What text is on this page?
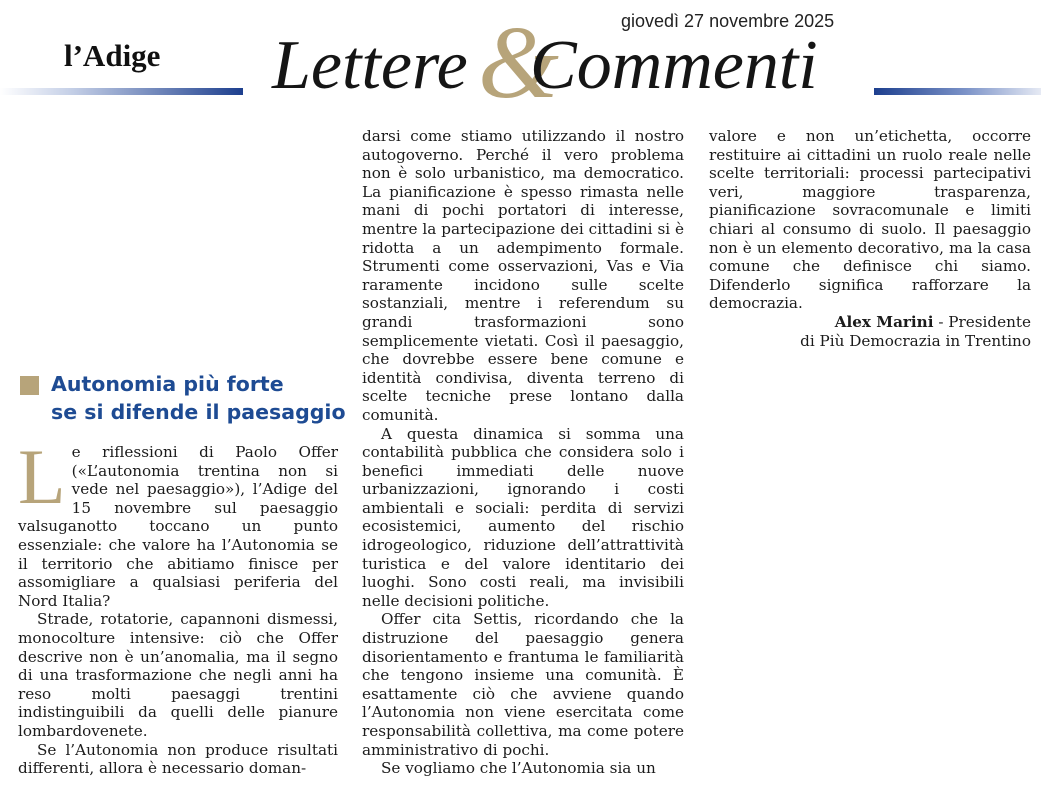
l’Adige
giovedì 27 novembre 2025
&
Lettere Commenti
Autonomia più forte
se si difende il paesaggio

Le riflessioni di Paolo Offer («L’autonomia trentina non si vede nel paesaggio»), l’Adige del 15 novembre sul paesaggio valsuganotto toccano un punto essenziale: che valore ha l’Autonomia se il territorio che abitiamo finisce per assomigliare a qualsiasi periferia del Nord Italia?

Strade, rotatorie, capannoni dismessi, monocolture intensive: ciò che Offer descrive non è un’anomalia, ma il segno di una trasformazione che negli anni ha reso molti paesaggi trentini indistinguibili da quelli delle pianure lombardovenete.

Se l’Autonomia non produce risultati differenti, allora è necessario doman-

darsi come stiamo utilizzando il nostro autogoverno. Perché il vero problema non è solo urbanistico, ma democratico. La pianificazione è spesso rimasta nelle mani di pochi portatori di interesse, mentre la partecipazione dei cittadini si è ridotta a un adempimento formale. Strumenti come osservazioni, Vas e Via raramente incidono sulle scelte sostanziali, mentre i referendum su grandi trasformazioni sono semplicemente vietati. Così il paesaggio, che dovrebbe essere bene comune e identità condivisa, diventa terreno di scelte tecniche prese lontano dalla comunità.

A questa dinamica si somma una contabilità pubblica che considera solo i benefici immediati delle nuove urbanizzazioni, ignorando i costi ambientali e sociali: perdita di servizi ecosistemici, aumento del rischio idrogeologico, riduzione dell’attrattività turistica e del valore identitario dei luoghi. Sono costi reali, ma invisibili nelle decisioni politiche.

Offer cita Settis, ricordando che la distruzione del paesaggio genera disorientamento e frantuma le familiarità che tengono insieme una comunità. È esattamente ciò che avviene quando l’Autonomia non viene esercitata come responsabilità collettiva, ma come potere amministrativo di pochi.

Se vogliamo che l’Autonomia sia un

valore e non un’etichetta, occorre restituire ai cittadini un ruolo reale nelle scelte territoriali: processi partecipativi veri, maggiore trasparenza, pianificazione sovracomunale e limiti chiari al consumo di suolo. Il paesaggio non è un elemento decorativo, ma la casa comune che definisce chi siamo. Difenderlo significa rafforzare la democrazia.

Alex Marini - Presidente
di Più Democrazia in Trentino
